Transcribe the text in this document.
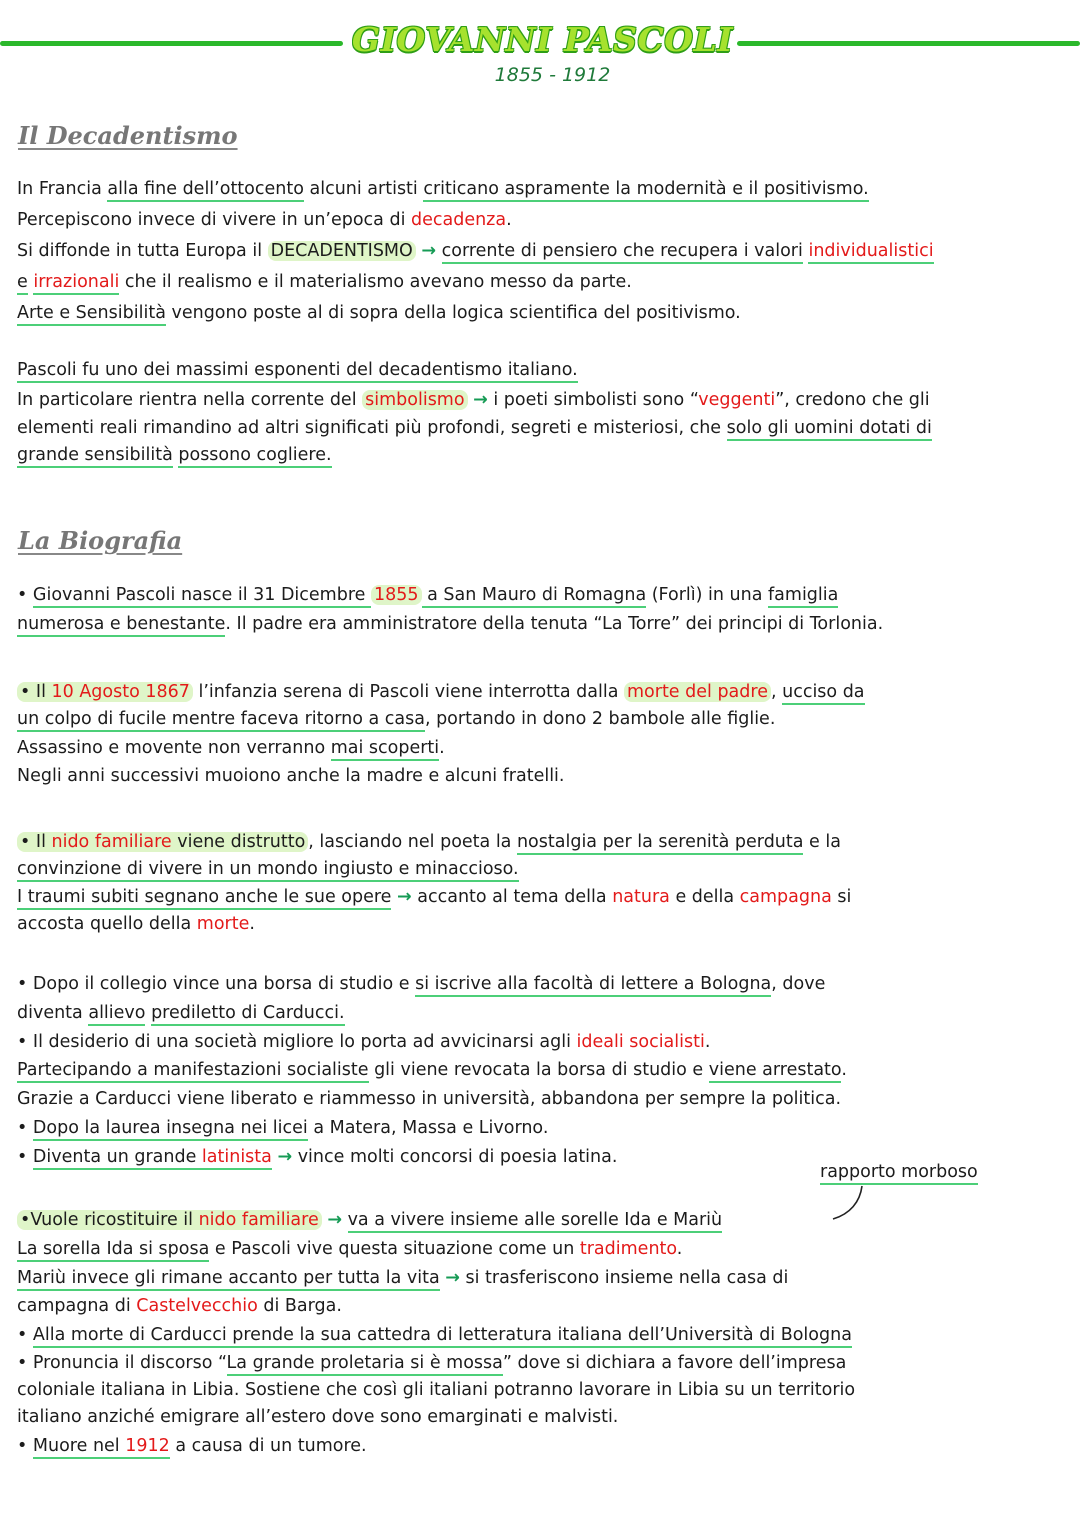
GIOVANNI PASCOLI
1855 - 1912
Il Decadentismo

In Francia alla fine dell’ottocento alcuni artisti criticano aspramente la modernità e il positivismo.

Percepiscono invece di vivere in un’epoca di decadenza.

Si diffonde in tutta Europa il DECADENTISMO → corrente di pensiero che recupera i valori individualistici

e irrazionali che il realismo e il materialismo avevano messo da parte.

Arte e Sensibilità vengono poste al di sopra della logica scientifica del positivismo.

Pascoli fu uno dei massimi esponenti del decadentismo italiano.

In particolare rientra nella corrente del simbolismo → i poeti simbolisti sono “veggenti”, credono che gli

elementi reali rimandino ad altri significati più profondi, segreti e misteriosi, che solo gli uomini dotati di

grande sensibilità possono cogliere.

La Biografia

• Giovanni Pascoli nasce il 31 Dicembre 1855 a San Mauro di Romagna (Forlì) in una famiglia

numerosa e benestante. Il padre era amministratore della tenuta “La Torre” dei principi di Torlonia.

• Il 10 Agosto 1867 l’infanzia serena di Pascoli viene interrotta dalla morte del padre , ucciso da

un colpo di fucile mentre faceva ritorno a casa, portando in dono 2 bambole alle figlie.

Assassino e movente non verranno mai scoperti.

Negli anni successivi muoiono anche la madre e alcuni fratelli.

• Il nido familiare viene distrutto , lasciando nel poeta la nostalgia per la serenità perduta e la

convinzione di vivere in un mondo ingiusto e minaccioso.

I traumi subiti segnano anche le sue opere → accanto al tema della natura e della campagna si

accosta quello della morte.

• Dopo il collegio vince una borsa di studio e si iscrive alla facoltà di lettere a Bologna, dove

diventa allievo prediletto di Carducci.

• Il desiderio di una società migliore lo porta ad avvicinarsi agli ideali socialisti.

Partecipando a manifestazioni socialiste gli viene revocata la borsa di studio e viene arrestato.

Grazie a Carducci viene liberato e riammesso in università, abbandona per sempre la politica.

• Dopo la laurea insegna nei licei a Matera, Massa e Livorno.

• Diventa un grande latinista → vince molti concorsi di poesia latina.

rapporto morboso

•Vuole ricostituire il nido familiare → va a vivere insieme alle sorelle Ida e Mariù

La sorella Ida si sposa e Pascoli vive questa situazione come un tradimento.

Mariù invece gli rimane accanto per tutta la vita → si trasferiscono insieme nella casa di

campagna di Castelvecchio di Barga.

• Alla morte di Carducci prende la sua cattedra di letteratura italiana dell’Università di Bologna

• Pronuncia il discorso “La grande proletaria si è mossa” dove si dichiara a favore dell’impresa

coloniale italiana in Libia. Sostiene che così gli italiani potranno lavorare in Libia su un territorio

italiano anziché emigrare all’estero dove sono emarginati e malvisti.

• Muore nel 1912 a causa di un tumore.
